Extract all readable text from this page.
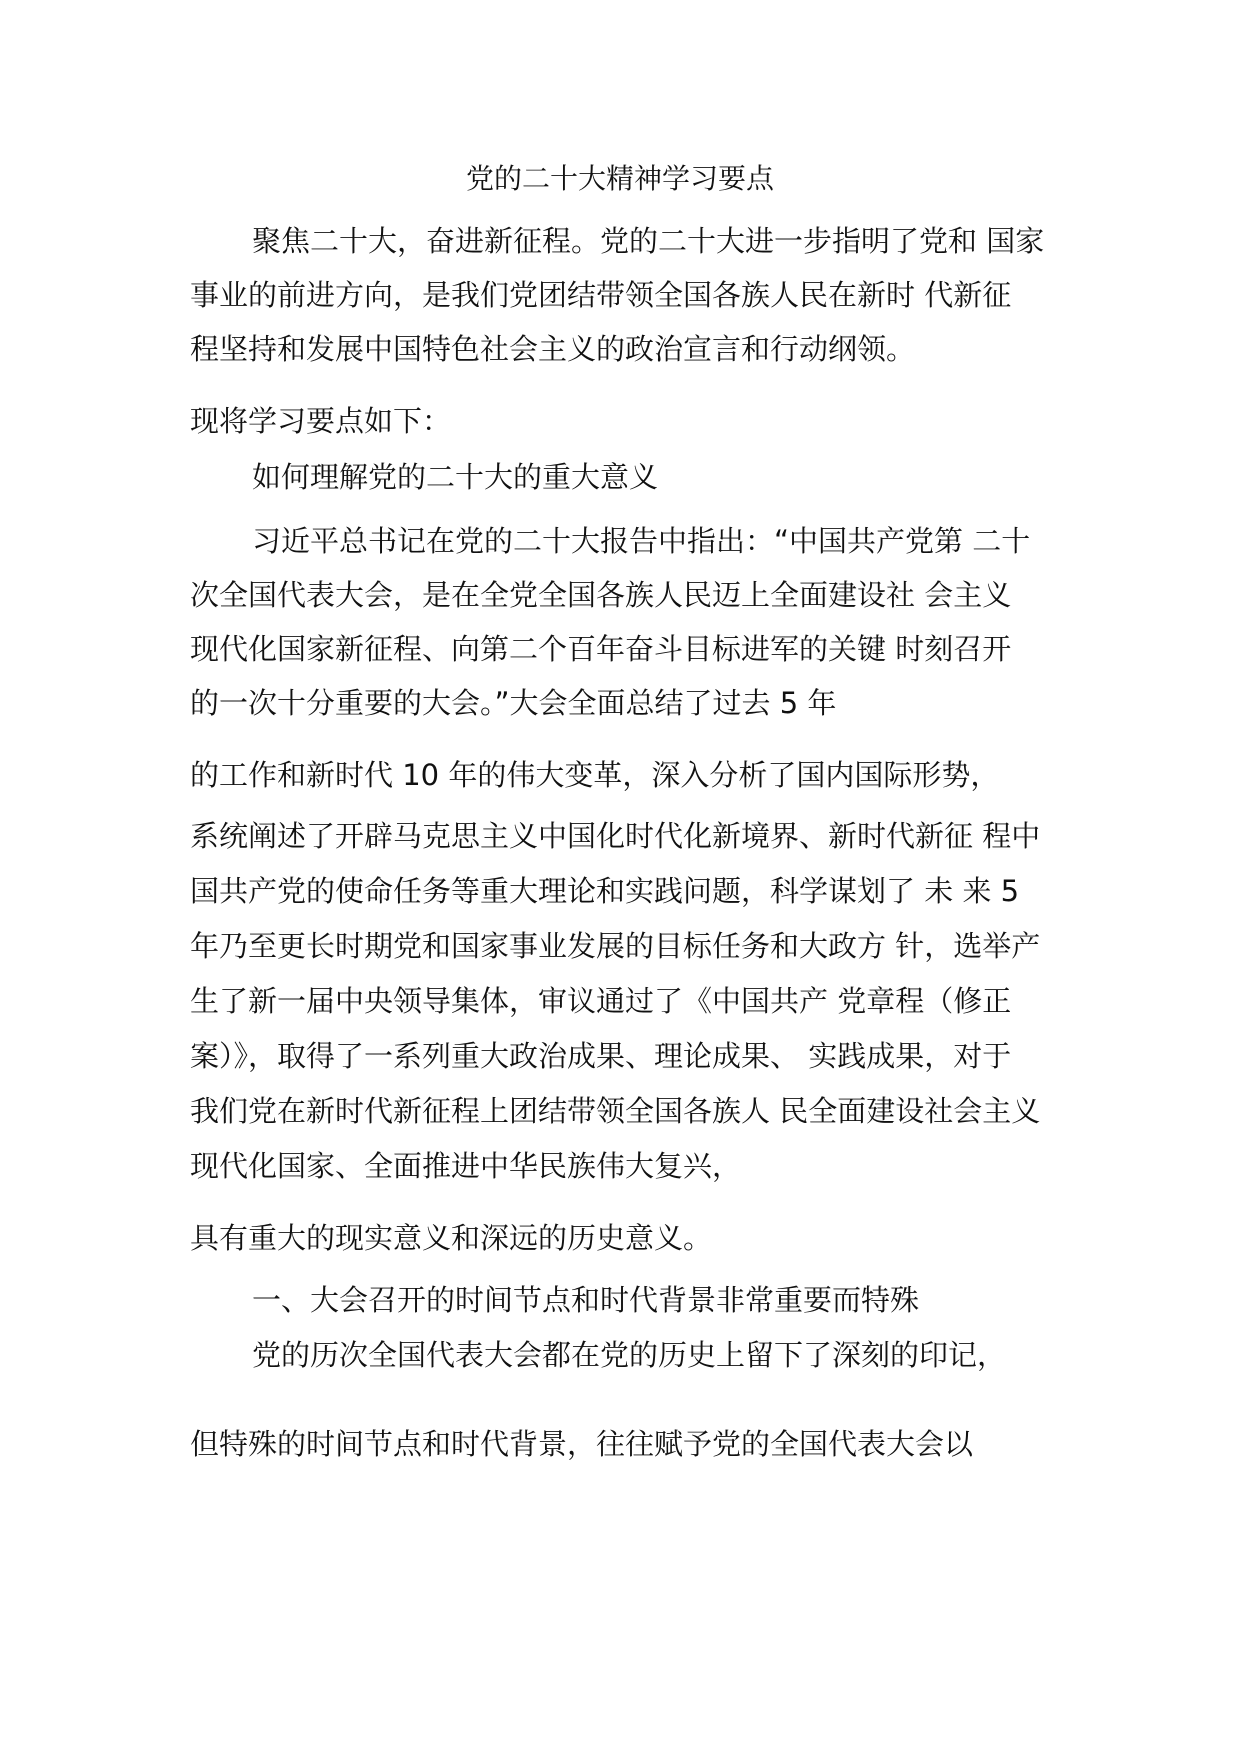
党的二十大精神学习要点
聚焦二十大，奋进新征程。党的二十大进一步指明了党和 国家
事业的前进方向，是我们党团结带领全国各族人民在新时 代新征
程坚持和发展中国特色社会主义的政治宣言和行动纲领。
现将学习要点如下：
如何理解党的二十大的重大意义
习近平总书记在党的二十大报告中指出：“中国共产党第 二十
次全国代表大会，是在全党全国各族人民迈上全面建设社 会主义
现代化国家新征程、向第二个百年奋斗目标进军的关键 时刻召开
的一次十分重要的大会。”大会全面总结了过去 5 年
的工作和新时代 10 年的伟大变革，深入分析了国内国际形势，
系统阐述了开辟马克思主义中国化时代化新境界、新时代新征 程中
国共产党的使命任务等重大理论和实践问题，科学谋划了 未 来 5
年乃至更长时期党和国家事业发展的目标任务和大政方 针，选举产
生了新一届中央领导集体，审议通过了《中国共产 党章程（修正
案）》，取得了一系列重大政治成果、理论成果、 实践成果，对于
我们党在新时代新征程上团结带领全国各族人 民全面建设社会主义
现代化国家、全面推进中华民族伟大复兴，
具有重大的现实意义和深远的历史意义。
一、大会召开的时间节点和时代背景非常重要而特殊
党的历次全国代表大会都在党的历史上留下了深刻的印记，
但特殊的时间节点和时代背景，往往赋予党的全国代表大会以
